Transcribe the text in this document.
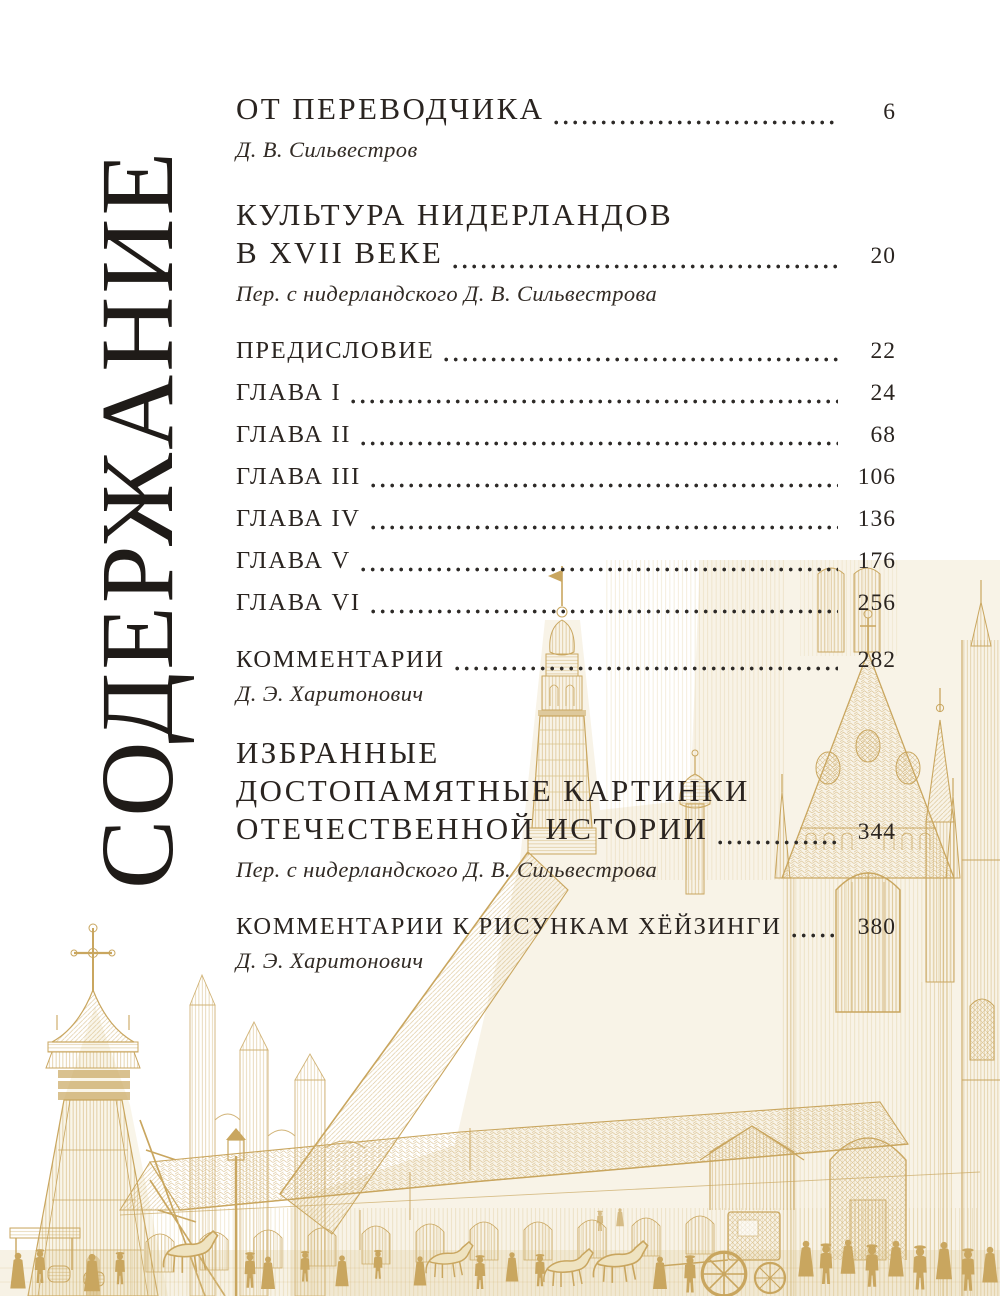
СОДЕРЖАНИЕ
ОТ ПЕРЕВОДЧИКА	6
Д. В. Сильвестров
КУЛЬТУРА НИДЕРЛАНДОВ
В XVII ВЕКЕ	20
Пер. с нидерландского Д. В. Сильвестрова
ПРЕДИСЛОВИЕ	22
ГЛАВА I	24
ГЛАВА II	68
ГЛАВА III	106
ГЛАВА IV	136
ГЛАВА V	176
ГЛАВА VI	256
КОММЕНТАРИИ	282
Д. Э. Харитонович
ИЗБРАННЫЕ
ДОСТОПАМЯТНЫЕ КАРТИНКИ
ОТЕЧЕСТВЕННОЙ ИСТОРИИ	344
Пер. с нидерландского Д. В. Сильвестрова
КОММЕНТАРИИ К РИСУНКАМ ХЁЙЗИНГИ	380
Д. Э. Харитонович
